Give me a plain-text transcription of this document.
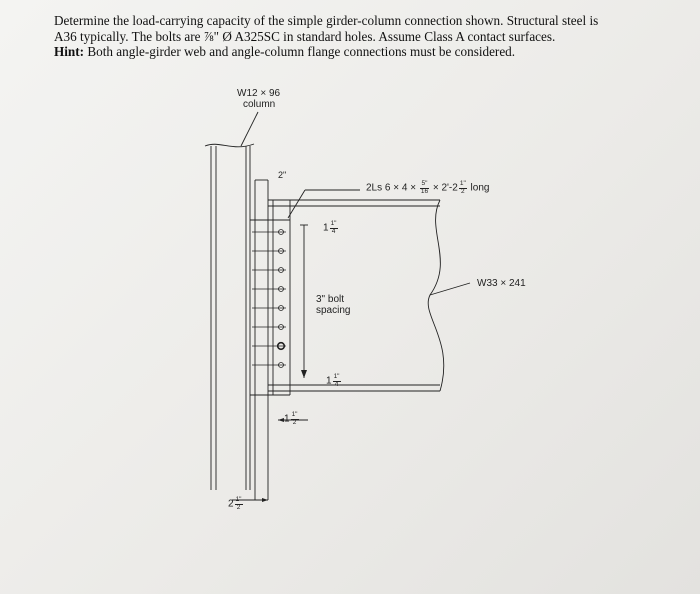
Determine the load-carrying capacity of the simple girder-column connection shown. Structural steel is
A36 typically. The bolts are ⅞" Ø A325SC in standard holes. Assume Class A contact surfaces.
Hint: Both angle-girder web and angle-column flange connections must be considered.
W12 × 96
column
2"
2Ls $6 \times 4 \times \frac{5"}{16} \times 2'-2 \frac{1"}{2}$ long
$1 \frac{1"}{4}$
W33 × 241
3" bolt
spacing
$1 \frac{1"}{4}$
$1 \frac{1"}{2}$
$2 \frac{1"}{2}$
